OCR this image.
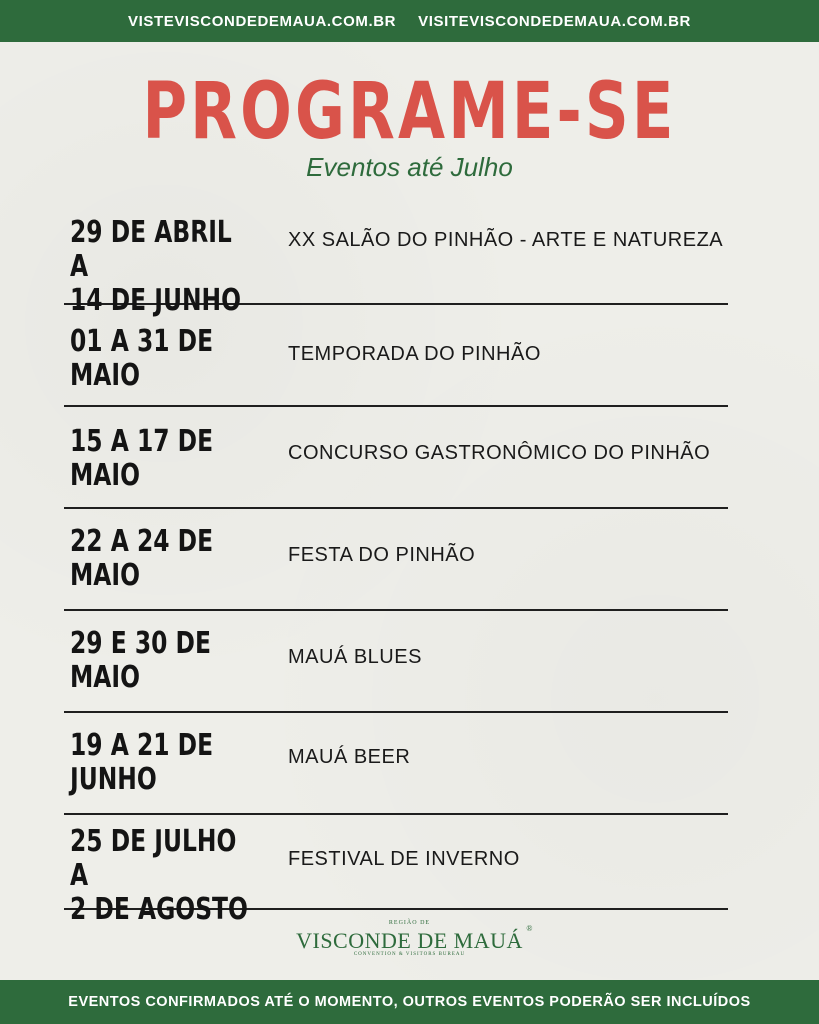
VISTEVISCONDEDEMAUA.COM.BR VISITEVISCONDEDEMAUA.COM.BR
PROGRAME-SE
Eventos até Julho
29 DE ABRIL A
14 DE JUNHO
XX SALÃO DO PINHÃO - ARTE E NATUREZA
01 A 31 DE
MAIO
TEMPORADA DO PINHÃO
15 A 17 DE
MAIO
CONCURSO GASTRONÔMICO DO PINHÃO
22 A 24 DE
MAIO
FESTA DO PINHÃO
29 E 30 DE
MAIO
MAUÁ BLUES
19 A 21 DE
JUNHO
MAUÁ BEER
25 DE JULHO A
2 DE AGOSTO
FESTIVAL DE INVERNO
REGIÃO DE
VISCONDE DE MAUÁ ®
CONVENTION & VISITORS BUREAU
EVENTOS CONFIRMADOS ATÉ O MOMENTO, OUTROS EVENTOS PODERÃO SER INCLUÍDOS
